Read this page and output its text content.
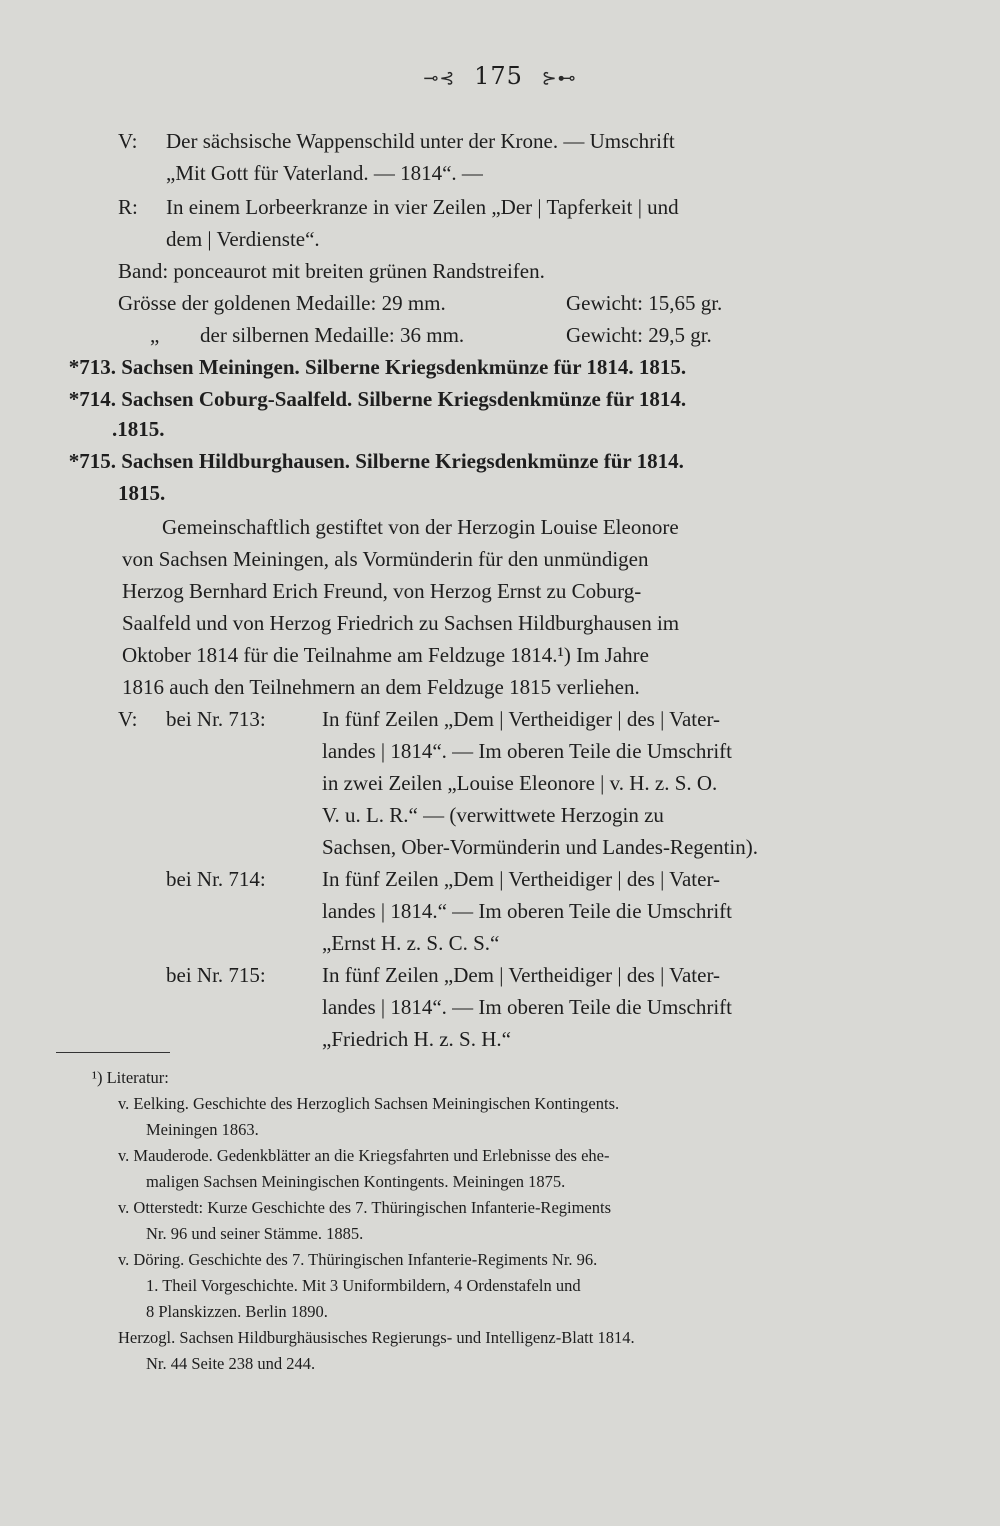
⊸⊰ 175 ⊱⊷
V: Der sächsische Wappenschild unter der Krone. — Umschrift
„Mit Gott für Vaterland. — 1814“. —
R: In einem Lorbeerkranze in vier Zeilen „Der | Tapferkeit | und
dem | Verdienste“.
Band: ponceaurot mit breiten grünen Randstreifen.
Grösse der goldenen Medaille: 29 mm.	Gewicht: 15,65 gr.
„ der silbernen Medaille: 36 mm.	Gewicht: 29,5 gr.
*713. Sachsen Meiningen. Silberne Kriegsdenkmünze für 1814. 1815.
*714. Sachsen Coburg-Saalfeld. Silberne Kriegsdenkmünze für 1814.
.1815.
*715. Sachsen Hildburghausen. Silberne Kriegsdenkmünze für 1814.
1815.
Gemeinschaftlich gestiftet von der Herzogin Louise Eleonore
von Sachsen Meiningen, als Vormünderin für den unmündigen
Herzog Bernhard Erich Freund, von Herzog Ernst zu Coburg-
Saalfeld und von Herzog Friedrich zu Sachsen Hildburghausen im
Oktober 1814 für die Teilnahme am Feldzuge 1814.¹) Im Jahre
1816 auch den Teilnehmern an dem Feldzuge 1815 verliehen.
V:	bei Nr. 713:	In fünf Zeilen „Dem | Vertheidiger | des | Vater-
landes | 1814“. — Im oberen Teile die Umschrift
in zwei Zeilen „Louise Eleonore | v. H. z. S. O.
V. u. L. R.“ — (verwittwete Herzogin zu
Sachsen, Ober-Vormünderin und Landes-Regentin).
bei Nr. 714:	In fünf Zeilen „Dem | Vertheidiger | des | Vater-
landes | 1814.“ — Im oberen Teile die Umschrift
„Ernst H. z. S. C. S.“
bei Nr. 715:	In fünf Zeilen „Dem | Vertheidiger | des | Vater-
landes | 1814“. — Im oberen Teile die Umschrift
„Friedrich H. z. S. H.“
¹) Literatur:
v. Eelking. Geschichte des Herzoglich Sachsen Meiningischen Kontingents.
Meiningen 1863.
v. Mauderode. Gedenkblätter an die Kriegsfahrten und Erlebnisse des ehe-
maligen Sachsen Meiningischen Kontingents. Meiningen 1875.
v. Otterstedt: Kurze Geschichte des 7. Thüringischen Infanterie-Regiments
Nr. 96 und seiner Stämme. 1885.
v. Döring. Geschichte des 7. Thüringischen Infanterie-Regiments Nr. 96.
1. Theil Vorgeschichte. Mit 3 Uniformbildern, 4 Ordenstafeln und
8 Planskizzen. Berlin 1890.
Herzogl. Sachsen Hildburghäusisches Regierungs- und Intelligenz-Blatt 1814.
Nr. 44 Seite 238 und 244.
